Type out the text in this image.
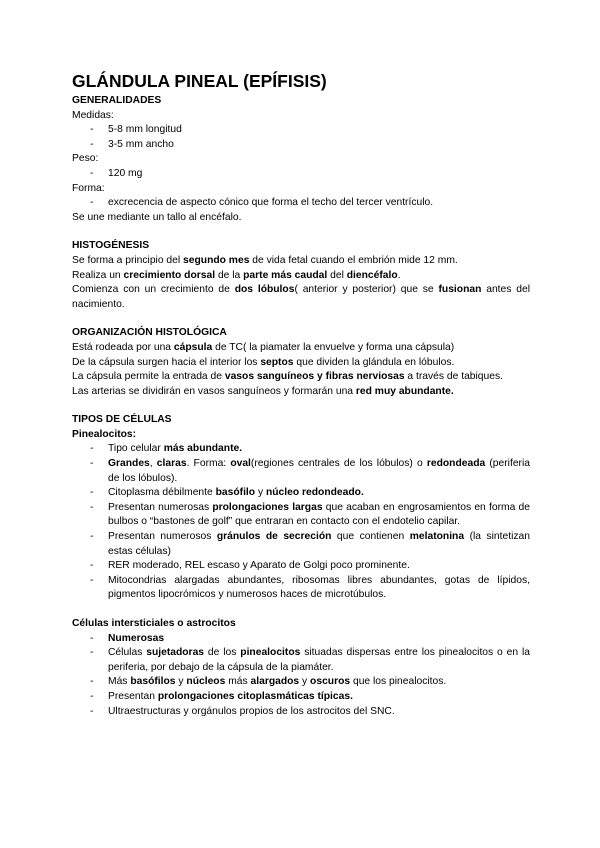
GLÁNDULA PINEAL (EPÍFISIS)
GENERALIDADES

Medidas:

- 5-8 mm longitud
- 3-5 mm ancho

Peso:

- 120 mg

Forma:

- excrecencia de aspecto cónico que forma el techo del tercer ventrículo.

Se une mediante un tallo al encéfalo.

HISTOGÉNESIS

Se forma a principio del segundo mes de vida fetal cuando el embrión mide 12 mm.

Realiza un crecimiento dorsal de la parte más caudal del diencéfalo.

Comienza con un crecimiento de dos lóbulos( anterior y posterior) que se fusionan antes del nacimiento.

ORGANIZACIÓN HISTOLÓGICA

Está rodeada por una cápsula de TC( la piamater la envuelve y forma una cápsula)

De la cápsula surgen hacia el interior los septos que dividen la glándula en lóbulos.

La cápsula permite la entrada de vasos sanguíneos y fibras nerviosas a través de tabiques.

Las arterias se dividirán en vasos sanguíneos y formarán una red muy abundante.

TIPOS DE CÉLULAS

Pinealocitos:

- Tipo celular más abundante.
- Grandes, claras. Forma: oval(regiones centrales de los lóbulos) o redondeada (periferia de los lóbulos).
- Citoplasma débilmente basófilo y núcleo redondeado.
- Presentan numerosas prolongaciones largas que acaban en engrosamientos en forma de bulbos o “bastones de golf” que entraran en contacto con el endotelio capilar.
- Presentan numerosos gránulos de secreción que contienen melatonina (la sintetizan estas células)
- RER moderado, REL escaso y Aparato de Golgi poco prominente.
- Mitocondrias alargadas abundantes, ribosomas libres abundantes, gotas de lípidos, pigmentos lipocrómicos y numerosos haces de microtúbulos.

Células intersticiales o astrocitos

- Numerosas
- Células sujetadoras de los pinealocitos situadas dispersas entre los pinealocitos o en la periferia, por debajo de la cápsula de la piamáter.
- Más basófilos y núcleos más alargados y oscuros que los pinealocitos.
- Presentan prolongaciones citoplasmáticas típicas.
- Ultraestructuras y orgánulos propios de los astrocitos del SNC.
